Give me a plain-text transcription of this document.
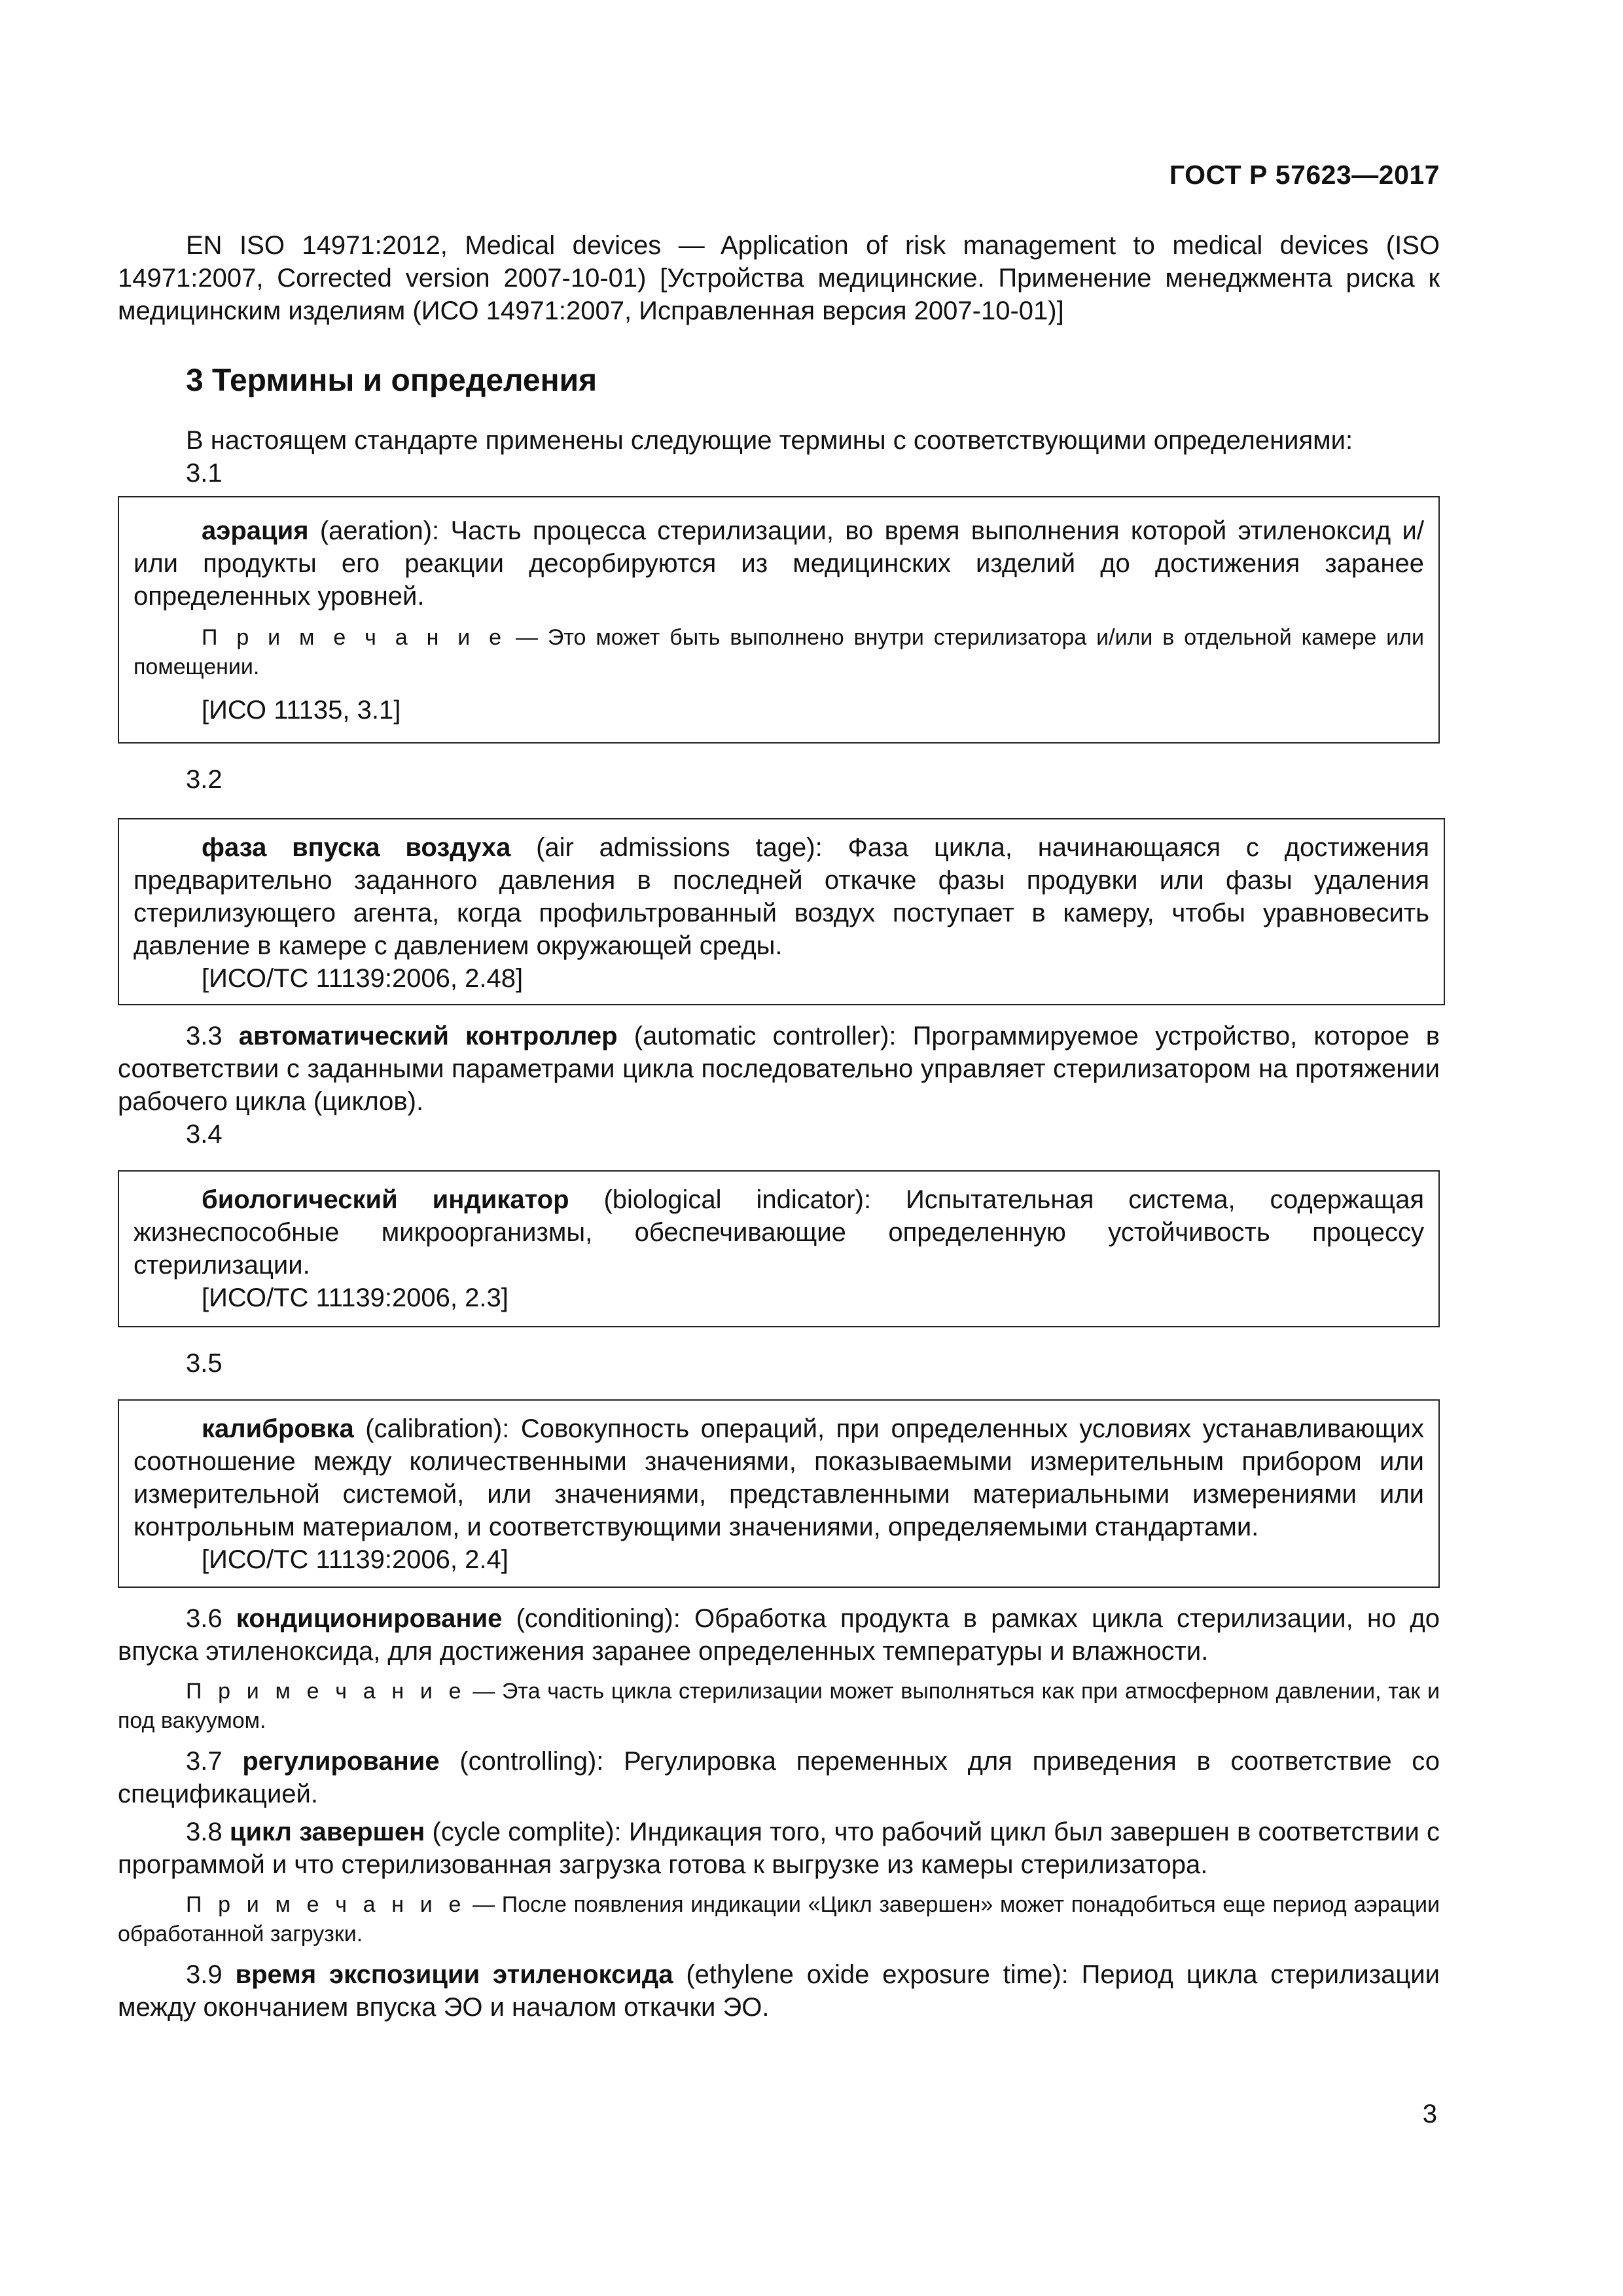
ГОСТ Р 57623—2017

EN ISO 14971:2012, Medical devices — Application of risk management to medical devices (ISO 14971:2007, Corrected version 2007-10-01) [Устройства медицинские. Применение менеджмента риска к медицинским изделиям (ИСО 14971:2007, Исправленная версия 2007-10-01)]

3 Термины и определения

В настоящем стандарте применены следующие термины с соответствующими определениями:

3.1

аэрация (aeration): Часть процесса стерилизации, во время выполнения которой этиленоксид и/или продукты его реакции десорбируются из медицинских изделий до достижения заранее определенных уровней.

П р и м е ч а н и е — Это может быть выполнено внутри стерилизатора и/или в отдельной камере или помещении.

[ИСО 11135, 3.1]

3.2

фаза впуска воздуха (air admissions tage): Фаза цикла, начинающаяся с достижения предварительно заданного давления в последней откачке фазы продувки или фазы удаления стерилизующего агента, когда профильтрованный воздух поступает в камеру, чтобы уравновесить давление в камере с давлением окружающей среды.

[ИСО/ТС 11139:2006, 2.48]

3.3 автоматический контроллер (automatic controller): Программируемое устройство, которое в соответствии с заданными параметрами цикла последовательно управляет стерилизатором на протяжении рабочего цикла (циклов).

3.4

биологический индикатор (biological indicator): Испытательная система, содержащая жизнеспособные микроорганизмы, обеспечивающие определенную устойчивость процессу стерилизации.

[ИСО/ТС 11139:2006, 2.3]

3.5

калибровка (calibration): Совокупность операций, при определенных условиях устанавливающих соотношение между количественными значениями, показываемыми измерительным прибором или измерительной системой, или значениями, представленными материальными измерениями или контрольным материалом, и соответствующими значениями, определяемыми стандартами.

[ИСО/ТС 11139:2006, 2.4]

3.6 кондиционирование (conditioning): Обработка продукта в рамках цикла стерилизации, но до впуска этиленоксида, для достижения заранее определенных температуры и влажности.

П р и м е ч а н и е — Эта часть цикла стерилизации может выполняться как при атмосферном давлении, так и под вакуумом.

3.7 регулирование (controlling): Регулировка переменных для приведения в соответствие со спецификацией.

3.8 цикл завершен (cycle complite): Индикация того, что рабочий цикл был завершен в соответствии с программой и что стерилизованная загрузка готова к выгрузке из камеры стерилизатора.

П р и м е ч а н и е — После появления индикации «Цикл завершен» может понадобиться еще период аэрации обработанной загрузки.

3.9 время экспозиции этиленоксида (ethylene oxide exposure time): Период цикла стерилизации между окончанием впуска ЭО и началом откачки ЭО.

3
